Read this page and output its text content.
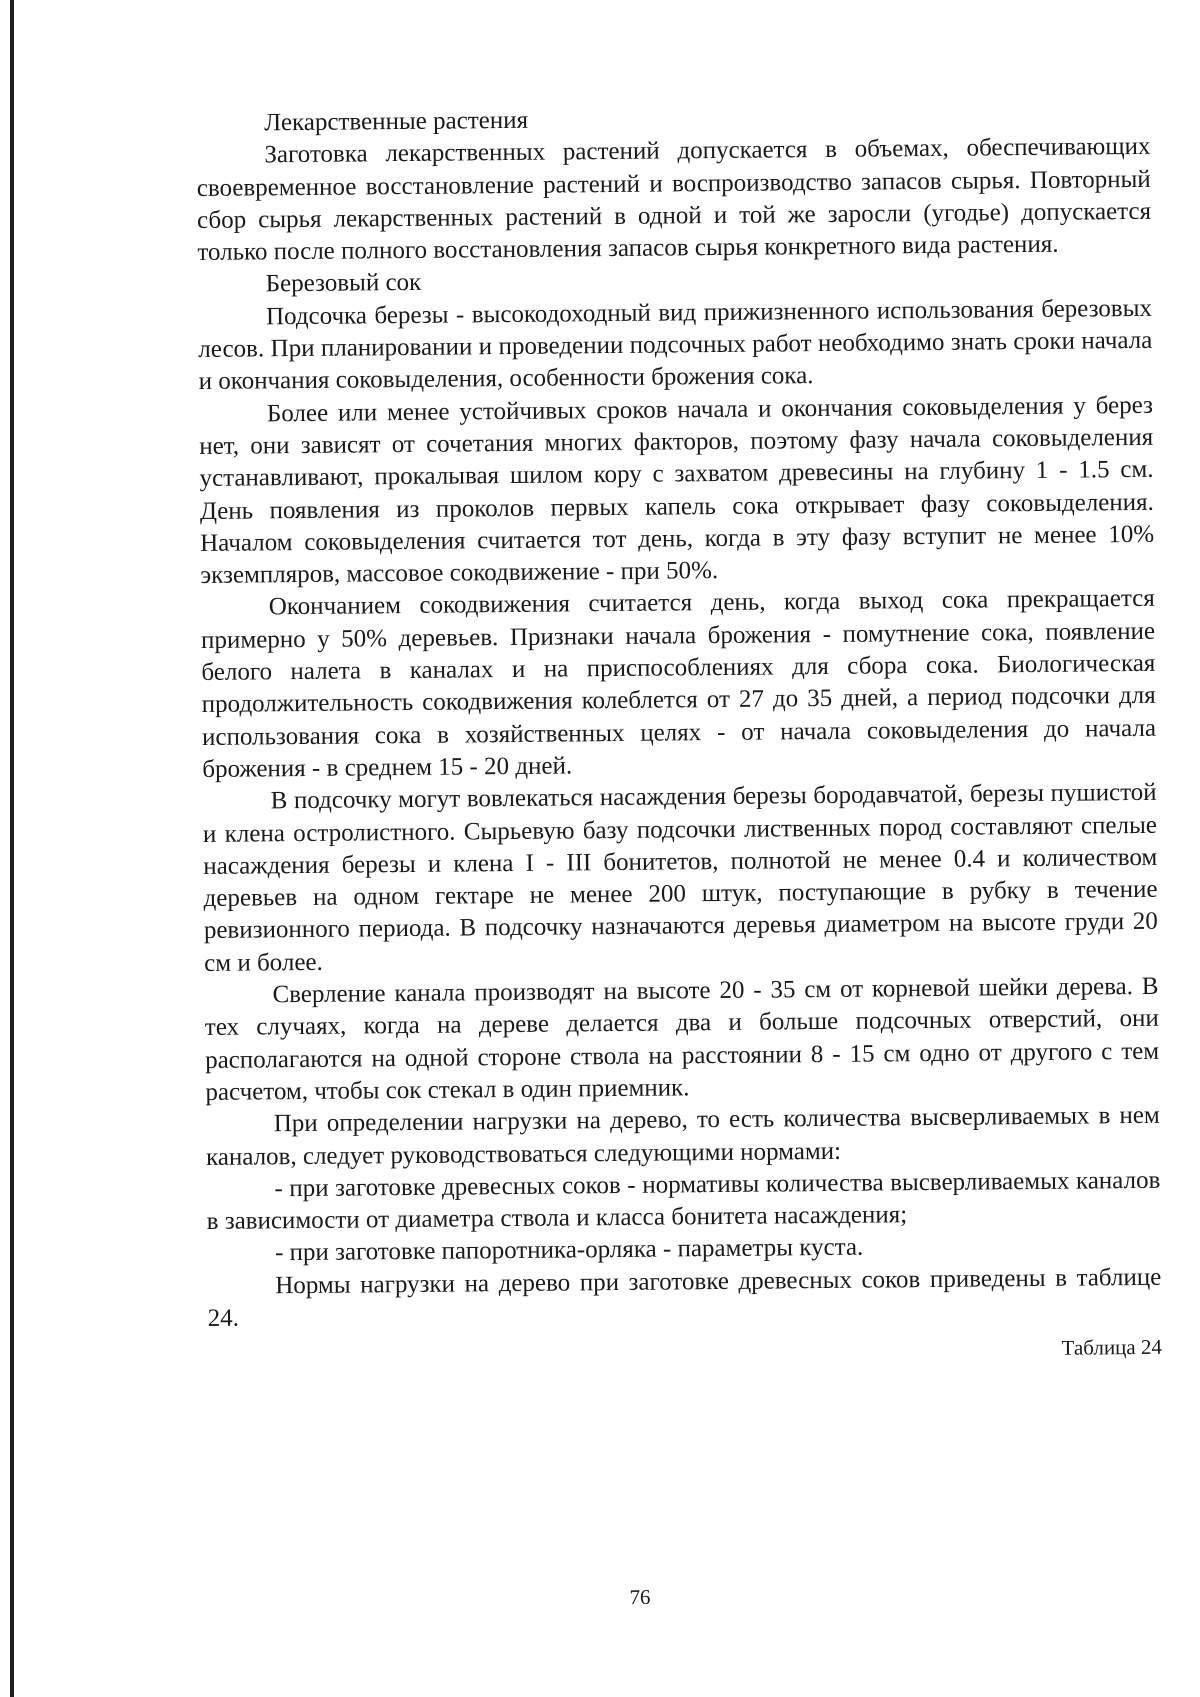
Лекарственные растения

Заготовка лекарственных растений допускается в объемах, обеспечивающих своевременное восстановление растений и воспроизводство запасов сырья. Повторный сбор сырья лекарственных растений в одной и той же заросли (угодье) допускается только после полного восстановления запасов сырья конкретного вида растения.

Березовый сок

Подсочка березы - высокодоходный вид прижизненного использования березовых лесов. При планировании и проведении подсочных работ необходимо знать сроки начала и окончания соковыделения, особенности брожения сока.

Более или менее устойчивых сроков начала и окончания соковыделения у берез нет, они зависят от сочетания многих факторов, поэтому фазу начала соковыделения устанавливают, прокалывая шилом кору с захватом древесины на глубину 1 - 1.5 см. День появления из проколов первых капель сока открывает фазу соковыделения. Началом соковыделения считается тот день, когда в эту фазу вступит не менее 10% экземпляров, массовое сокодвижение - при 50%.

Окончанием сокодвижения считается день, когда выход сока прекращается примерно у 50% деревьев. Признаки начала брожения - помутнение сока, появление белого налета в каналах и на приспособлениях для сбора сока. Биологическая продолжительность сокодвижения колеблется от 27 до 35 дней, а период подсочки для использования сока в хозяйственных целях - от начала соковыделения до начала брожения - в среднем 15 - 20 дней.

В подсочку могут вовлекаться насаждения березы бородавчатой, березы пушистой и клена остролистного. Сырьевую базу подсочки лиственных пород составляют спелые насаждения березы и клена I - III бонитетов, полнотой не менее 0.4 и количеством деревьев на одном гектаре не менее 200 штук, поступающие в рубку в течение ревизионного периода. В подсочку назначаются деревья диаметром на высоте груди 20 см и более.

Сверление канала производят на высоте 20 - 35 см от корневой шейки дерева. В тех случаях, когда на дереве делается два и больше подсочных отверстий, они располагаются на одной стороне ствола на расстоянии 8 - 15 см одно от другого с тем расчетом, чтобы сок стекал в один приемник.

При определении нагрузки на дерево, то есть количества высверливаемых в нем каналов, следует руководствоваться следующими нормами:

- при заготовке древесных соков - нормативы количества высверливаемых каналов в зависимости от диаметра ствола и класса бонитета насаждения;

- при заготовке папоротника-орляка - параметры куста.

Нормы нагрузки на дерево при заготовке древесных соков приведены в таблице 24.

Таблица 24

76
